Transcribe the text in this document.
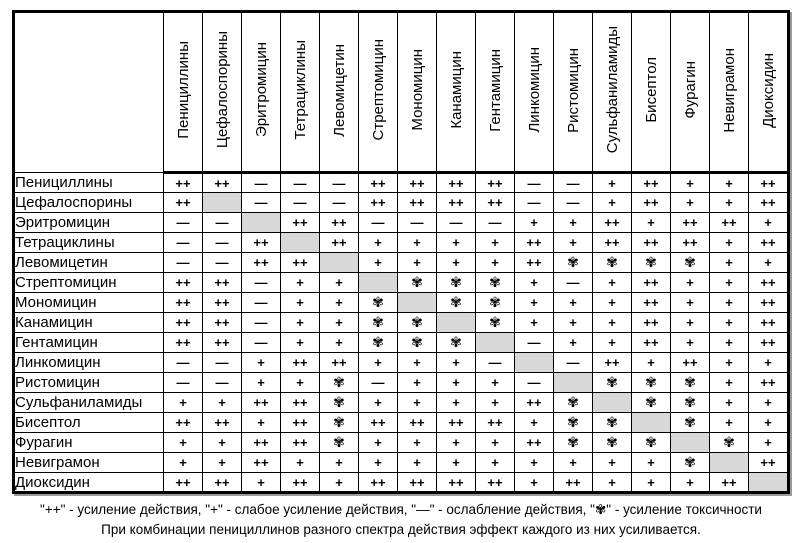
	Пенициллины	Цефалоспорины	Эритромицин	Тетрациклины	Левомицетин	Стрептомицин	Мономицин	Канамицин	Гентамицин	Линкомицин	Ристомицин	Сульфаниламиды	Бисептол	Фурагин	Невиграмон	Диоксидин
Пенициллины	++	++	—	—	—	++	++	++	++	—	—	+	++	+	+	++
Цефалоспорины	++		—	—	—	++	++	++	++	—	—	+	++	+	+	++
Эритромицин	—	—		++	++	—	—	—	—	+	+	++	+	++	++	+
Тетрациклины	—	—	++		++	+	+	+	+	++	+	++	++	++	+	++
Левомицетин	—	—	++	++		+	+	+	+	++	✾	✾	✾	✾	+	+
Стрептомицин	++	++	—	+	+		✾	✾	✾	+	—	+	++	+	+	++
Мономицин	++	++	—	+	+	✾		✾	✾	+	+	+	++	+	+	++
Канамицин	++	++	—	+	+	✾	✾		✾	+	+	+	++	+	+	++
Гентамицин	++	++	—	+	+	✾	✾	✾		—	+	+	++	+	+	++
Линкомицин	—	—	+	++	++	+	+	+	—		—	++	+	++	+	+
Ристомицин	—	—	+	+	✾	—	+	+	+	—		✾	✾	✾	+	++
Сульфаниламиды	+	+	++	++	✾	+	+	+	+	++	✾		✾	✾	+	+
Бисептол	++	++	+	++	✾	++	++	++	++	+	✾	✾		✾	+	+
Фурагин	+	+	++	++	✾	+	+	+	+	++	✾	✾	✾		✾	+
Невиграмон	+	+	++	+	+	+	+	+	+	+	+	+	+	✾		++
Диоксидин	++	++	+	++	+	++	++	++	++	+	++	+	+	+	++	
"++" - усиление действия, "+" - слабое усиление действия, "—" - ослабление действия, "✾" - усиление токсичности
При комбинации пенициллинов разного спектра действия эффект каждого из них усиливается.
